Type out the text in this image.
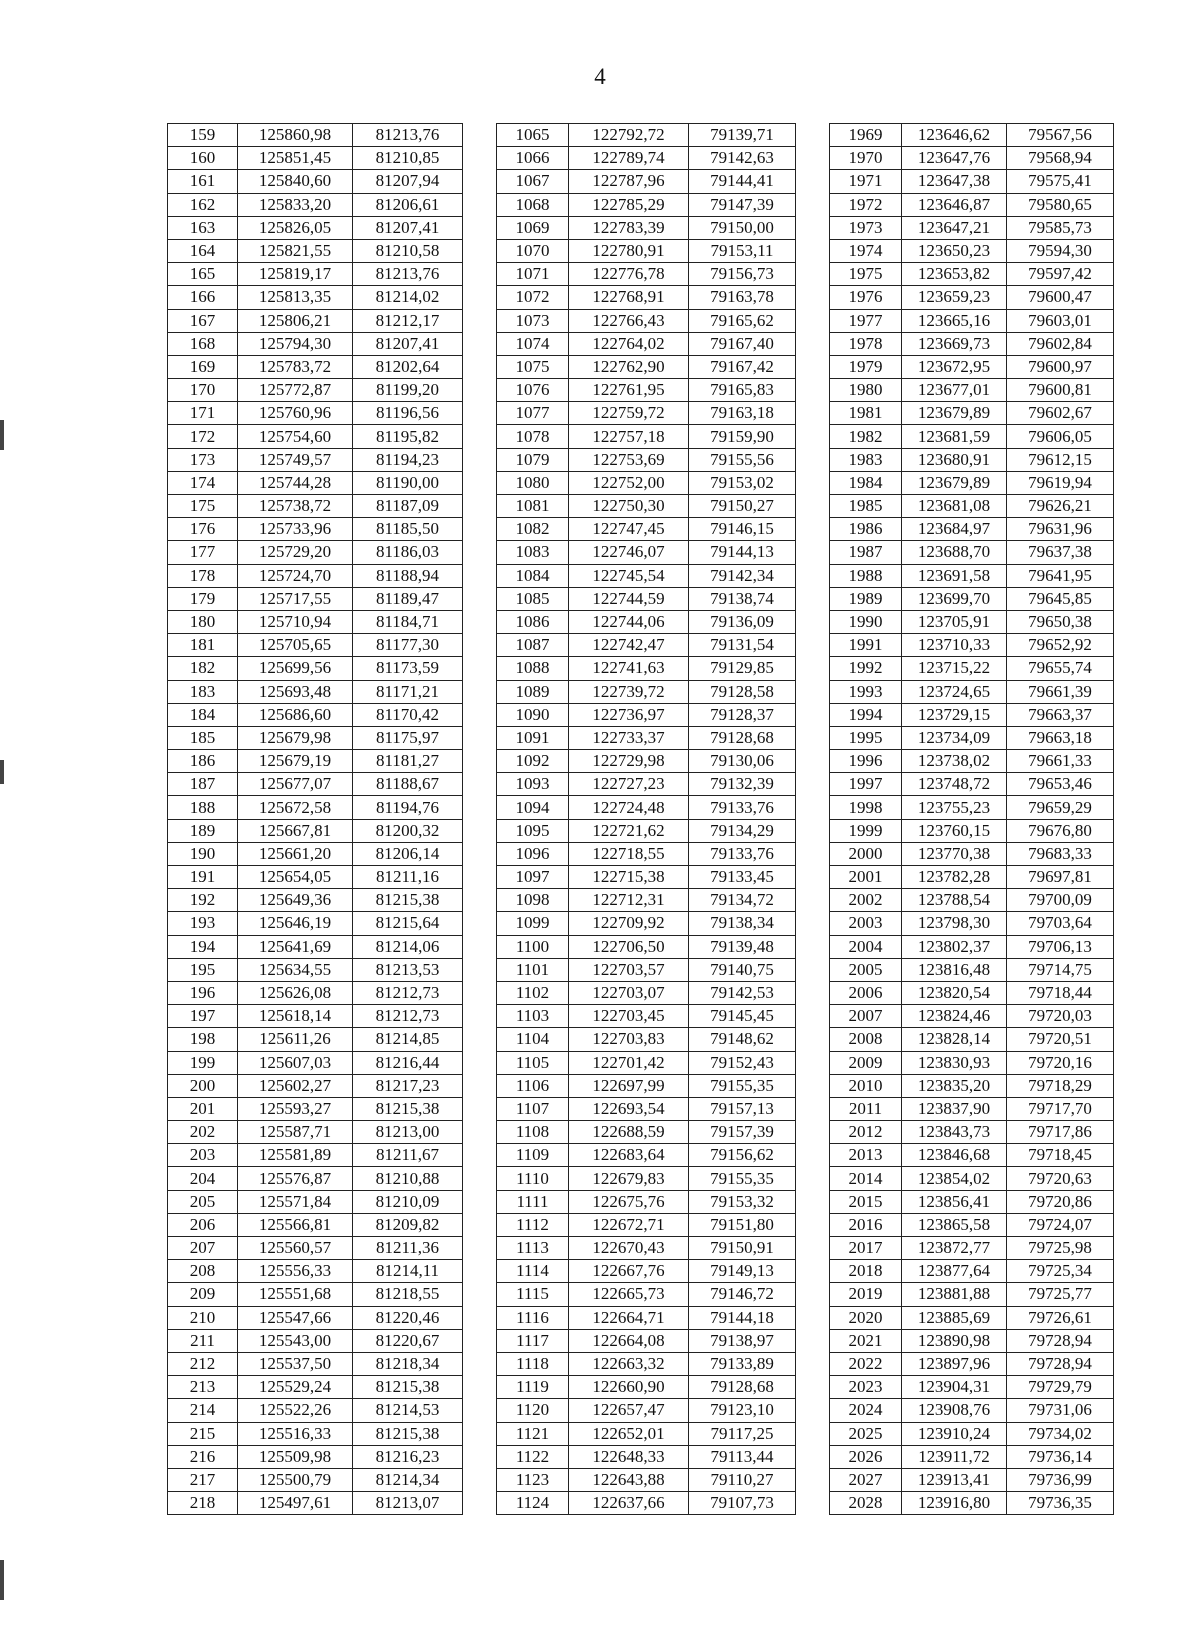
4
159	125860,98	81213,76		1065	122792,72	79139,71		1969	123646,62	79567,56
160	125851,45	81210,85		1066	122789,74	79142,63		1970	123647,76	79568,94
161	125840,60	81207,94		1067	122787,96	79144,41		1971	123647,38	79575,41
162	125833,20	81206,61		1068	122785,29	79147,39		1972	123646,87	79580,65
163	125826,05	81207,41		1069	122783,39	79150,00		1973	123647,21	79585,73
164	125821,55	81210,58		1070	122780,91	79153,11		1974	123650,23	79594,30
165	125819,17	81213,76		1071	122776,78	79156,73		1975	123653,82	79597,42
166	125813,35	81214,02		1072	122768,91	79163,78		1976	123659,23	79600,47
167	125806,21	81212,17		1073	122766,43	79165,62		1977	123665,16	79603,01
168	125794,30	81207,41		1074	122764,02	79167,40		1978	123669,73	79602,84
169	125783,72	81202,64		1075	122762,90	79167,42		1979	123672,95	79600,97
170	125772,87	81199,20		1076	122761,95	79165,83		1980	123677,01	79600,81
171	125760,96	81196,56		1077	122759,72	79163,18		1981	123679,89	79602,67
172	125754,60	81195,82		1078	122757,18	79159,90		1982	123681,59	79606,05
173	125749,57	81194,23		1079	122753,69	79155,56		1983	123680,91	79612,15
174	125744,28	81190,00		1080	122752,00	79153,02		1984	123679,89	79619,94
175	125738,72	81187,09		1081	122750,30	79150,27		1985	123681,08	79626,21
176	125733,96	81185,50		1082	122747,45	79146,15		1986	123684,97	79631,96
177	125729,20	81186,03		1083	122746,07	79144,13		1987	123688,70	79637,38
178	125724,70	81188,94		1084	122745,54	79142,34		1988	123691,58	79641,95
179	125717,55	81189,47		1085	122744,59	79138,74		1989	123699,70	79645,85
180	125710,94	81184,71		1086	122744,06	79136,09		1990	123705,91	79650,38
181	125705,65	81177,30		1087	122742,47	79131,54		1991	123710,33	79652,92
182	125699,56	81173,59		1088	122741,63	79129,85		1992	123715,22	79655,74
183	125693,48	81171,21		1089	122739,72	79128,58		1993	123724,65	79661,39
184	125686,60	81170,42		1090	122736,97	79128,37		1994	123729,15	79663,37
185	125679,98	81175,97		1091	122733,37	79128,68		1995	123734,09	79663,18
186	125679,19	81181,27		1092	122729,98	79130,06		1996	123738,02	79661,33
187	125677,07	81188,67		1093	122727,23	79132,39		1997	123748,72	79653,46
188	125672,58	81194,76		1094	122724,48	79133,76		1998	123755,23	79659,29
189	125667,81	81200,32		1095	122721,62	79134,29		1999	123760,15	79676,80
190	125661,20	81206,14		1096	122718,55	79133,76		2000	123770,38	79683,33
191	125654,05	81211,16		1097	122715,38	79133,45		2001	123782,28	79697,81
192	125649,36	81215,38		1098	122712,31	79134,72		2002	123788,54	79700,09
193	125646,19	81215,64		1099	122709,92	79138,34		2003	123798,30	79703,64
194	125641,69	81214,06		1100	122706,50	79139,48		2004	123802,37	79706,13
195	125634,55	81213,53		1101	122703,57	79140,75		2005	123816,48	79714,75
196	125626,08	81212,73		1102	122703,07	79142,53		2006	123820,54	79718,44
197	125618,14	81212,73		1103	122703,45	79145,45		2007	123824,46	79720,03
198	125611,26	81214,85		1104	122703,83	79148,62		2008	123828,14	79720,51
199	125607,03	81216,44		1105	122701,42	79152,43		2009	123830,93	79720,16
200	125602,27	81217,23		1106	122697,99	79155,35		2010	123835,20	79718,29
201	125593,27	81215,38		1107	122693,54	79157,13		2011	123837,90	79717,70
202	125587,71	81213,00		1108	122688,59	79157,39		2012	123843,73	79717,86
203	125581,89	81211,67		1109	122683,64	79156,62		2013	123846,68	79718,45
204	125576,87	81210,88		1110	122679,83	79155,35		2014	123854,02	79720,63
205	125571,84	81210,09		1111	122675,76	79153,32		2015	123856,41	79720,86
206	125566,81	81209,82		1112	122672,71	79151,80		2016	123865,58	79724,07
207	125560,57	81211,36		1113	122670,43	79150,91		2017	123872,77	79725,98
208	125556,33	81214,11		1114	122667,76	79149,13		2018	123877,64	79725,34
209	125551,68	81218,55		1115	122665,73	79146,72		2019	123881,88	79725,77
210	125547,66	81220,46		1116	122664,71	79144,18		2020	123885,69	79726,61
211	125543,00	81220,67		1117	122664,08	79138,97		2021	123890,98	79728,94
212	125537,50	81218,34		1118	122663,32	79133,89		2022	123897,96	79728,94
213	125529,24	81215,38		1119	122660,90	79128,68		2023	123904,31	79729,79
214	125522,26	81214,53		1120	122657,47	79123,10		2024	123908,76	79731,06
215	125516,33	81215,38		1121	122652,01	79117,25		2025	123910,24	79734,02
216	125509,98	81216,23		1122	122648,33	79113,44		2026	123911,72	79736,14
217	125500,79	81214,34		1123	122643,88	79110,27		2027	123913,41	79736,99
218	125497,61	81213,07		1124	122637,66	79107,73		2028	123916,80	79736,35
